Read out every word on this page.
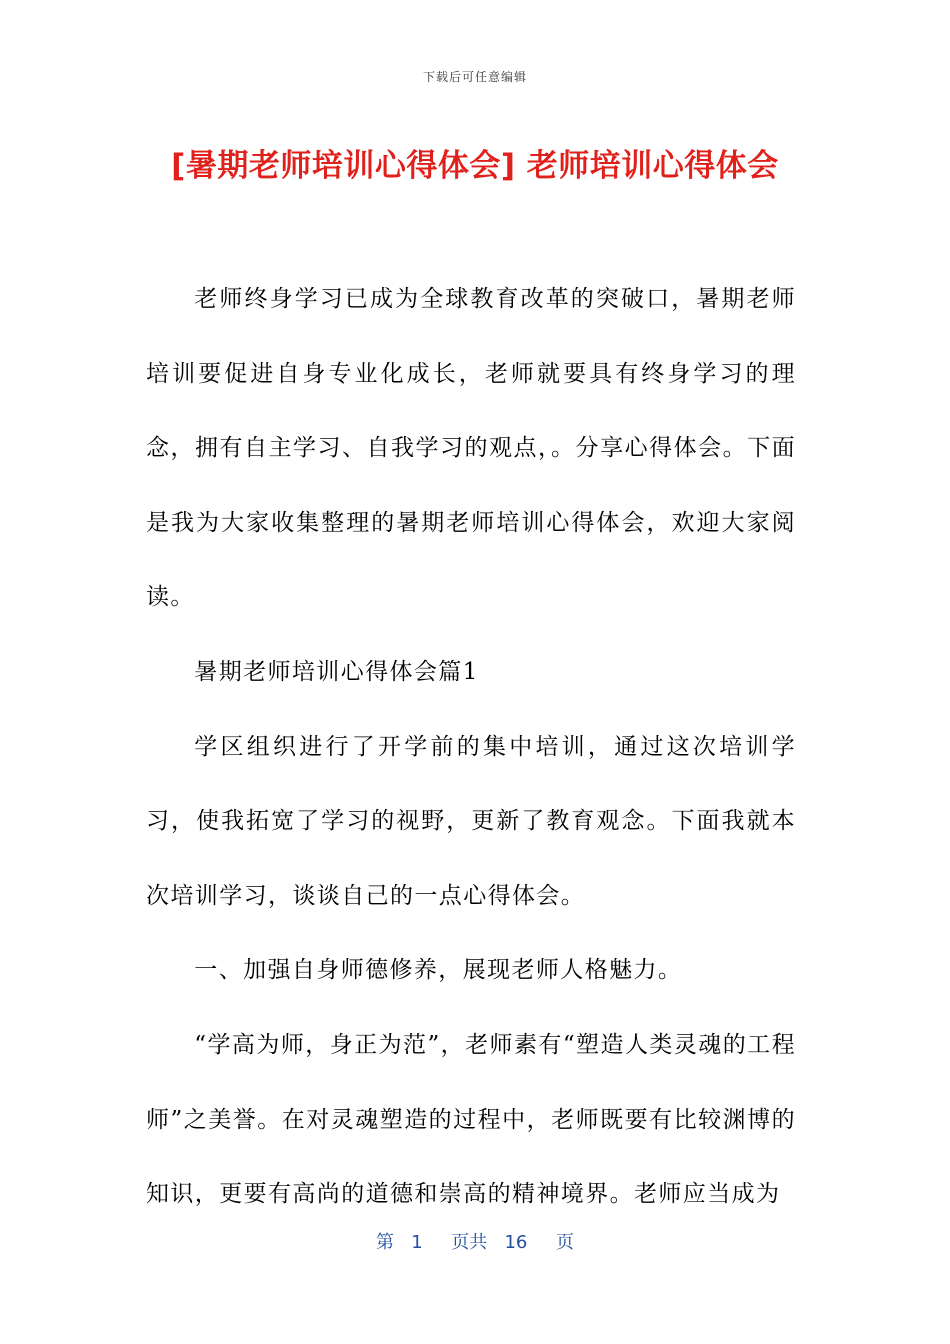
下载后可任意编辑
[暑期老师培训心得体会] 老师培训心得体会

老师终身学习已成为全球教育改革的突破口，暑期老师培训要促进自身专业化成长，老师就要具有终身学习的理念，拥有自主学习、自我学习的观点，。分享心得体会。下面是我为大家收集整理的暑期老师培训心得体会，欢迎大家阅读。

暑期老师培训心得体会篇1

学区组织进行了开学前的集中培训，通过这次培训学习，使我拓宽了学习的视野，更新了教育观念。下面我就本次培训学习，谈谈自己的一点心得体会。

一、加强自身师德修养，展现老师人格魅力。

“学高为师，身正为范”，老师素有“塑造人类灵魂的工程师”之美誉。在对灵魂塑造的过程中，老师既要有比较渊博的知识，更要有高尚的道德和崇高的精神境界。老师应当成为

第 1 页共 16 页
